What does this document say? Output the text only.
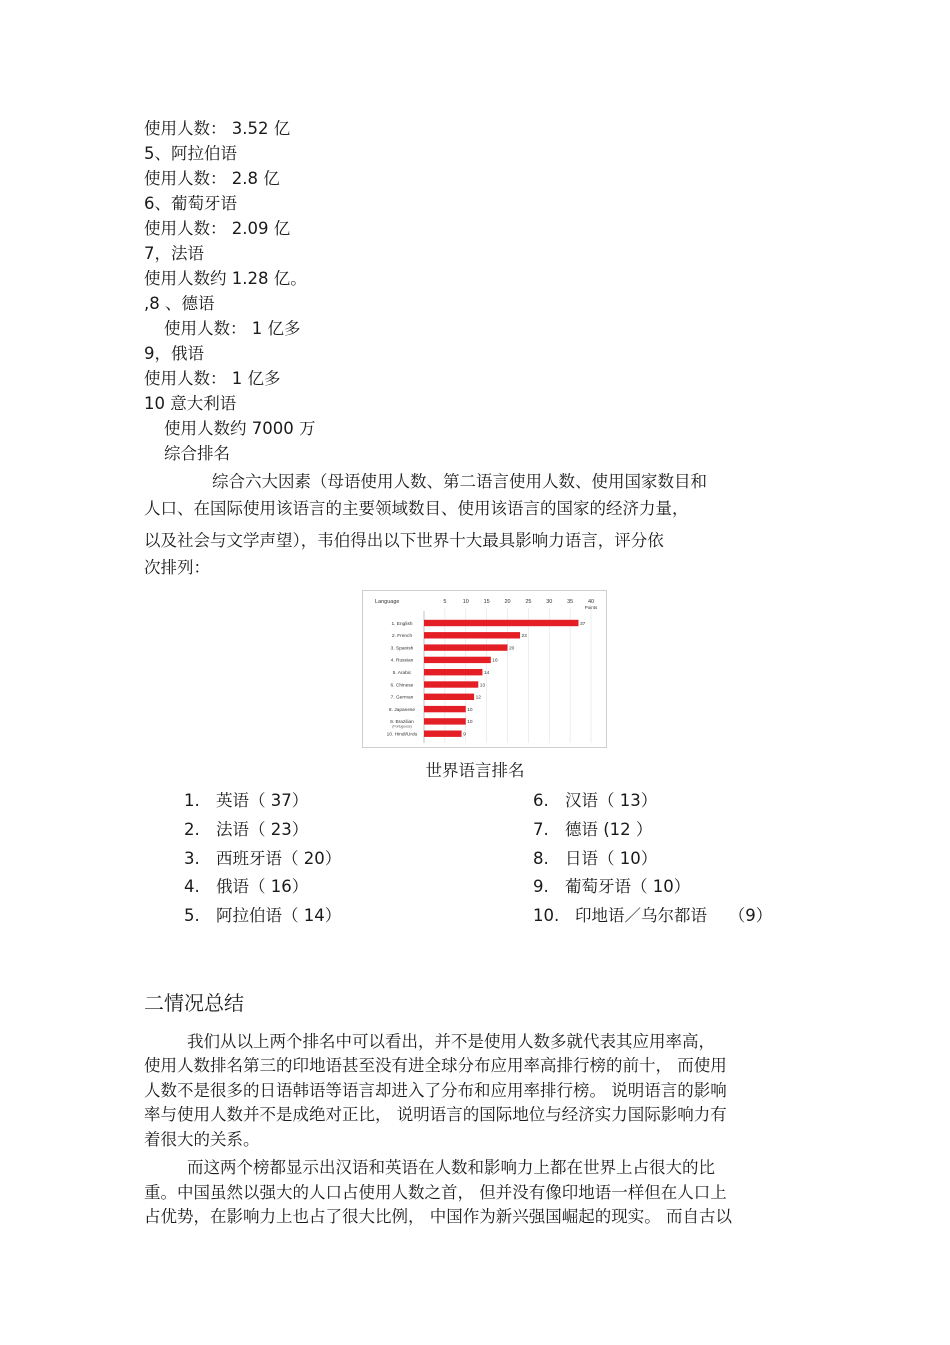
使用人数： 3.52 亿
5、阿拉伯语
使用人数： 2.8 亿
6、葡萄牙语
使用人数： 2.09 亿
7，法语
使用人数约 1.28 亿。
,8 、德语
使用人数： 1 亿多
9，俄语
使用人数： 1 亿多
10 意大利语
使用人数约 7000 万
综合排名
综合六大因素（母语使用人数、第二语言使用人数、使用国家数目和
人口、在国际使用该语言的主要领域数目、使用该语言的国家的经济力量，
以及社会与文学声望），韦伯得出以下世界十大最具影响力语言，评分依
次排列：
Language	5	10	15	20	25	30	35	40
Points
1. English	37
2. French	23
3. Spanish	20
4. Russian	16
5. Arabic	14
6. Chinese	13
7. German	12
8. Japanese	10
9. Brazilian
(Portuguese)
10
10. Hindi/Urdu	9
世界语言排名
1. 英语（ 37）
2. 法语（ 23）
3. 西班牙语（ 20）
4. 俄语（ 16）
5. 阿拉伯语（ 14）
6. 汉语（ 13）
7. 德语 (12 ）
8. 日语（ 10）
9. 葡萄牙语（ 10）
10. 印地语／乌尔都语　 （9）
二情况总结
我们从以上两个排名中可以看出，并不是使用人数多就代表其应用率高，
使用人数排名第三的印地语甚至没有进全球分布应用率高排行榜的前十， 而使用
人数不是很多的日语韩语等语言却进入了分布和应用率排行榜。 说明语言的影响
率与使用人数并不是成绝对正比， 说明语言的国际地位与经济实力国际影响力有
着很大的关系。
而这两个榜都显示出汉语和英语在人数和影响力上都在世界上占很大的比
重。中国虽然以强大的人口占使用人数之首， 但并没有像印地语一样但在人口上
占优势，在影响力上也占了很大比例， 中国作为新兴强国崛起的现实。 而自古以
